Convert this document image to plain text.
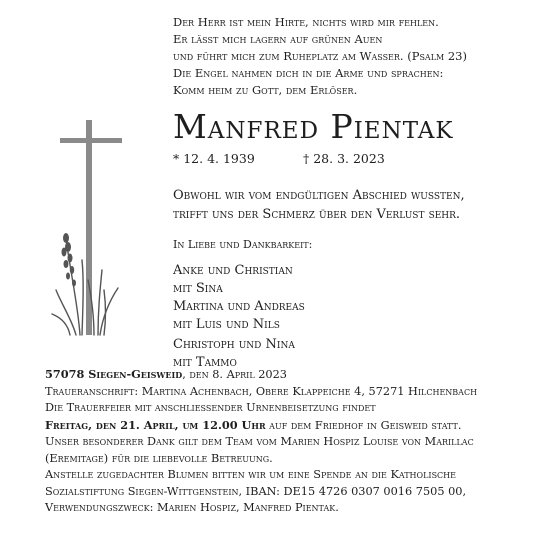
Der Herr ist mein Hirte, nichts wird mir fehlen.
Er lässt mich lagern auf grünen Auen
und führt mich zum Ruheplatz am Wasser. (Psalm 23)
Die Engel nahmen dich in die Arme und sprachen:
Komm heim zu Gott, dem Erlöser.
Manfred Pientak
* 12. 4. 1939	† 28. 3. 2023
Obwohl wir vom endgültigen Abschied wussten,
trifft uns der Schmerz über den Verlust sehr.
In Liebe und Dankbarkeit:
Anke und Christian
mit Sina
Martina und Andreas
mit Luis und Nils
Christoph und Nina
mit Tammo
57078 Siegen-Geisweid, den 8. April 2023
Traueranschrift: Martina Achenbach, Obere Klappeiche 4, 57271 Hilchenbach
Die Trauerfeier mit anschliessender Urnenbeisetzung findet
Freitag, den 21. April, um 12.00 Uhr auf dem Friedhof in Geisweid statt.
Unser besonderer Dank gilt dem Team vom Marien Hospiz Louise von Marillac
(Eremitage) für die liebevolle Betreuung.
Anstelle zugedachter Blumen bitten wir um eine Spende an die Katholische
Sozialstiftung Siegen-Wittgenstein, IBAN: DE15 4726 0307 0016 7505 00,
Verwendungszweck: Marien Hospiz, Manfred Pientak.
